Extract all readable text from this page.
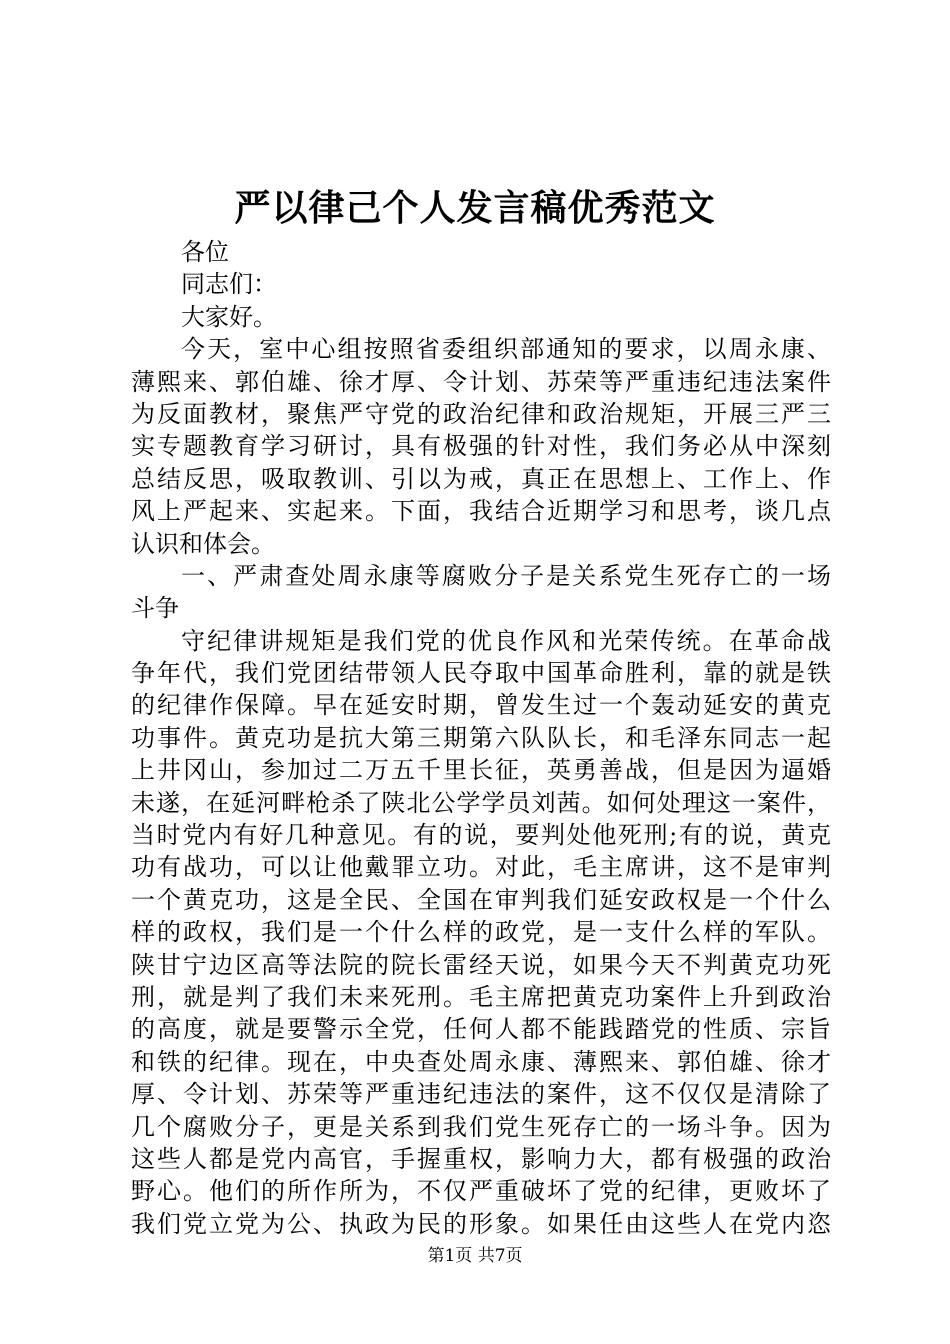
严以律己个人发言稿优秀范文
各位
同志们：
大家好。
今天，室中心组按照省委组织部通知的要求，以周永康、
薄熙来、郭伯雄、徐才厚、令计划、苏荣等严重违纪违法案件
为反面教材，聚焦严守党的政治纪律和政治规矩，开展三严三
实专题教育学习研讨，具有极强的针对性，我们务必从中深刻
总结反思，吸取教训、引以为戒，真正在思想上、工作上、作
风上严起来、实起来。下面，我结合近期学习和思考，谈几点
认识和体会。
一、严肃查处周永康等腐败分子是关系党生死存亡的一场
斗争
守纪律讲规矩是我们党的优良作风和光荣传统。在革命战
争年代，我们党团结带领人民夺取中国革命胜利，靠的就是铁
的纪律作保障。早在延安时期，曾发生过一个轰动延安的黄克
功事件。黄克功是抗大第三期第六队队长，和毛泽东同志一起
上井冈山，参加过二万五千里长征，英勇善战，但是因为逼婚
未遂，在延河畔枪杀了陕北公学学员刘茜。如何处理这一案件，
当时党内有好几种意见。有的说，要判处他死刑;有的说，黄克
功有战功，可以让他戴罪立功。对此，毛主席讲，这不是审判
一个黄克功，这是全民、全国在审判我们延安政权是一个什么
样的政权，我们是一个什么样的政党，是一支什么样的军队。
陕甘宁边区高等法院的院长雷经天说，如果今天不判黄克功死
刑，就是判了我们未来死刑。毛主席把黄克功案件上升到政治
的高度，就是要警示全党，任何人都不能践踏党的性质、宗旨
和铁的纪律。现在，中央查处周永康、薄熙来、郭伯雄、徐才
厚、令计划、苏荣等严重违纪违法的案件，这不仅仅是清除了
几个腐败分子，更是关系到我们党生死存亡的一场斗争。因为
这些人都是党内高官，手握重权，影响力大，都有极强的政治
野心。他们的所作所为，不仅严重破坏了党的纪律，更败坏了
我们党立党为公、执政为民的形象。如果任由这些人在党内恣
第1页 共7页
